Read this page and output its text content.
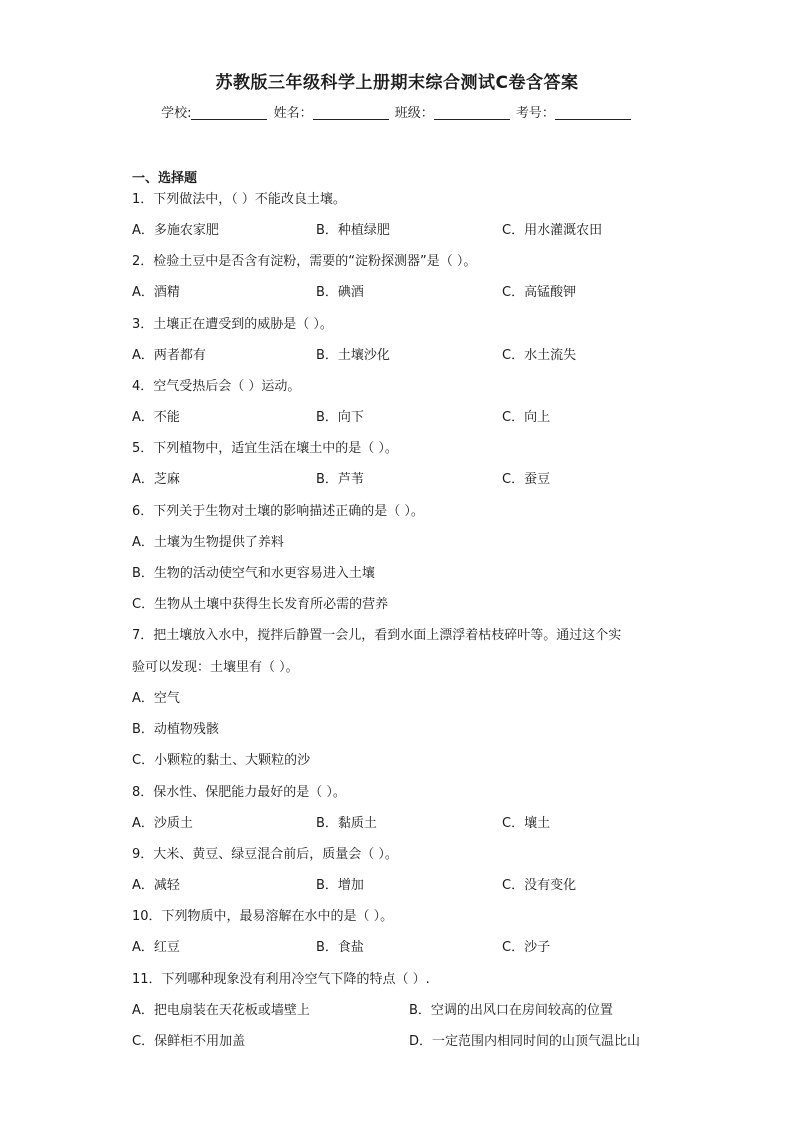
苏教版三年级科学上册期末综合测试C卷含答案
学校:	姓名：	班级：	考号：
一、选择题
1．下列做法中，（ ）不能改良土壤。
A．多施农家肥	B．种植绿肥	C．用水灌溉农田
2．检验土豆中是否含有淀粉，需要的“淀粉探测器”是（ ）。
A．酒精	B．碘酒	C．高锰酸钾
3．土壤正在遭受到的威胁是（ ）。
A．两者都有	B．土壤沙化	C．水土流失
4．空气受热后会（ ）运动。
A．不能	B．向下	C．向上
5．下列植物中，适宜生活在壤土中的是（ ）。
A．芝麻	B．芦苇	C．蚕豆
6．下列关于生物对土壤的影响描述正确的是（ ）。
A．土壤为生物提供了养料
B．生物的活动使空气和水更容易进入土壤
C．生物从土壤中获得生长发育所必需的营养
7．把土壤放入水中，搅拌后静置一会儿，看到水面上漂浮着枯枝碎叶等。通过这个实
验可以发现：土壤里有（ ）。
A．空气
B．动植物残骸
C．小颗粒的黏土、大颗粒的沙
8．保水性、保肥能力最好的是（ ）。
A．沙质土	B．黏质土	C．壤土
9．大米、黄豆、绿豆混合前后，质量会（ ）。
A．减轻	B．增加	C．没有变化
10．下列物质中，最易溶解在水中的是（ ）。
A．红豆	B．食盐	C．沙子
11．下列哪种现象没有利用冷空气下降的特点（ ）.
A．把电扇装在天花板或墙壁上	B．空调的出风口在房间较高的位置
C．保鲜柜不用加盖	D．一定范围内相同时间的山顶气温比山
